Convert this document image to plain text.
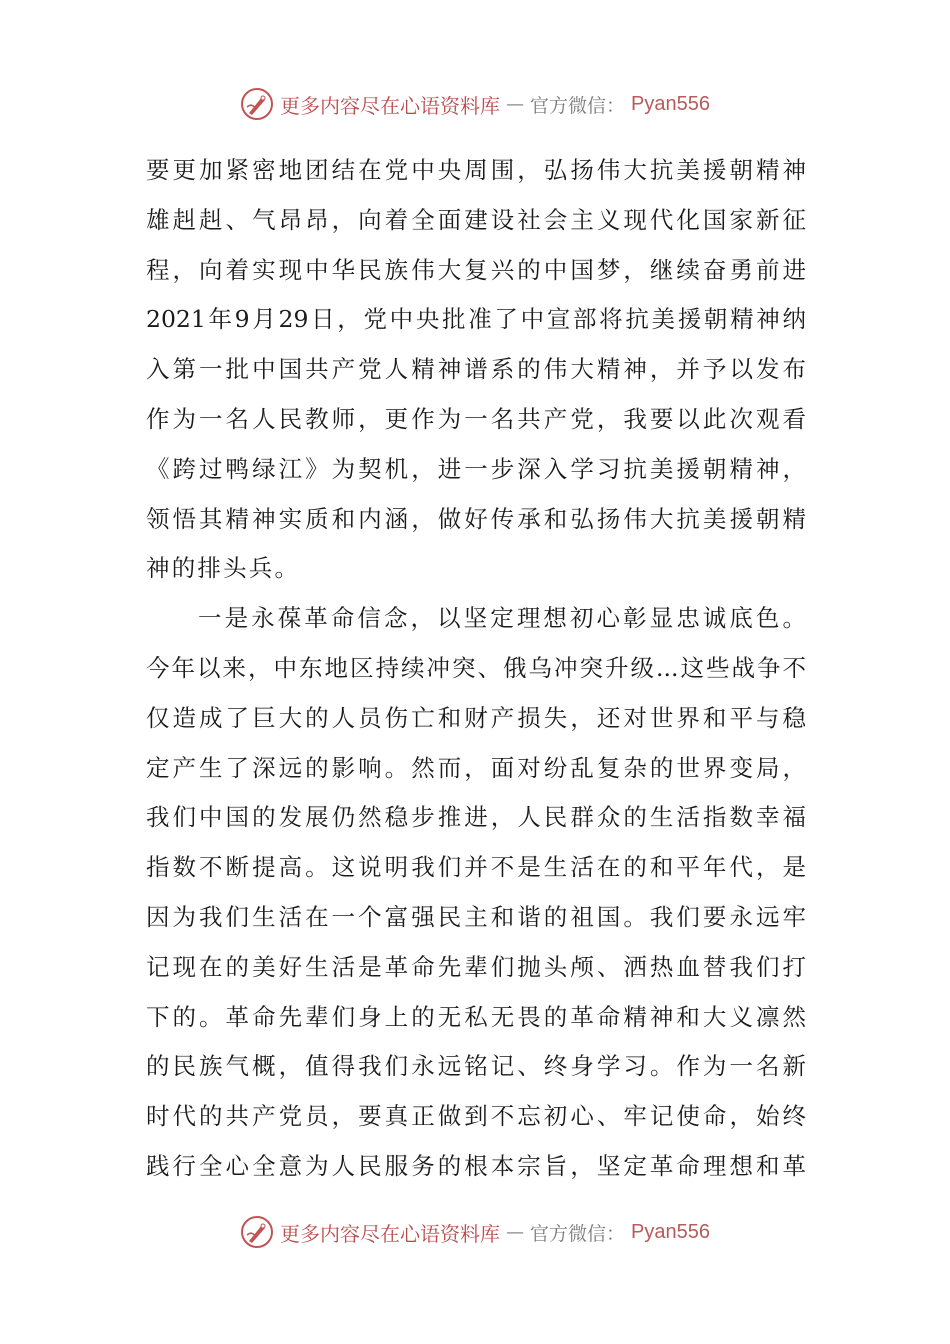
更多内容尽在心语资料库 — 官方微信： Pyan556
要更加紧密地团结在党中央周围，弘扬伟大抗美援朝精神
雄赳赳、气昂昂，向着全面建设社会主义现代化国家新征
程，向着实现中华民族伟大复兴的中国梦，继续奋勇前进
2021年9月29日，党中央批准了中宣部将抗美援朝精神纳
入第一批中国共产党人精神谱系的伟大精神，并予以发布
作为一名人民教师，更作为一名共产党，我要以此次观看
《跨过鸭绿江》为契机，进一步深入学习抗美援朝精神，
领悟其精神实质和内涵，做好传承和弘扬伟大抗美援朝精
神的排头兵。
一是永葆革命信念，以坚定理想初心彰显忠诚底色。
今年以来，中东地区持续冲突、俄乌冲突升级...这些战争不
仅造成了巨大的人员伤亡和财产损失，还对世界和平与稳
定产生了深远的影响。然而，面对纷乱复杂的世界变局，
我们中国的发展仍然稳步推进，人民群众的生活指数幸福
指数不断提高。这说明我们并不是生活在的和平年代，是
因为我们生活在一个富强民主和谐的祖国。我们要永远牢
记现在的美好生活是革命先辈们抛头颅、洒热血替我们打
下的。革命先辈们身上的无私无畏的革命精神和大义凛然
的民族气概，值得我们永远铭记、终身学习。作为一名新
时代的共产党员，要真正做到不忘初心、牢记使命，始终
践行全心全意为人民服务的根本宗旨，坚定革命理想和革
更多内容尽在心语资料库 — 官方微信： Pyan556
